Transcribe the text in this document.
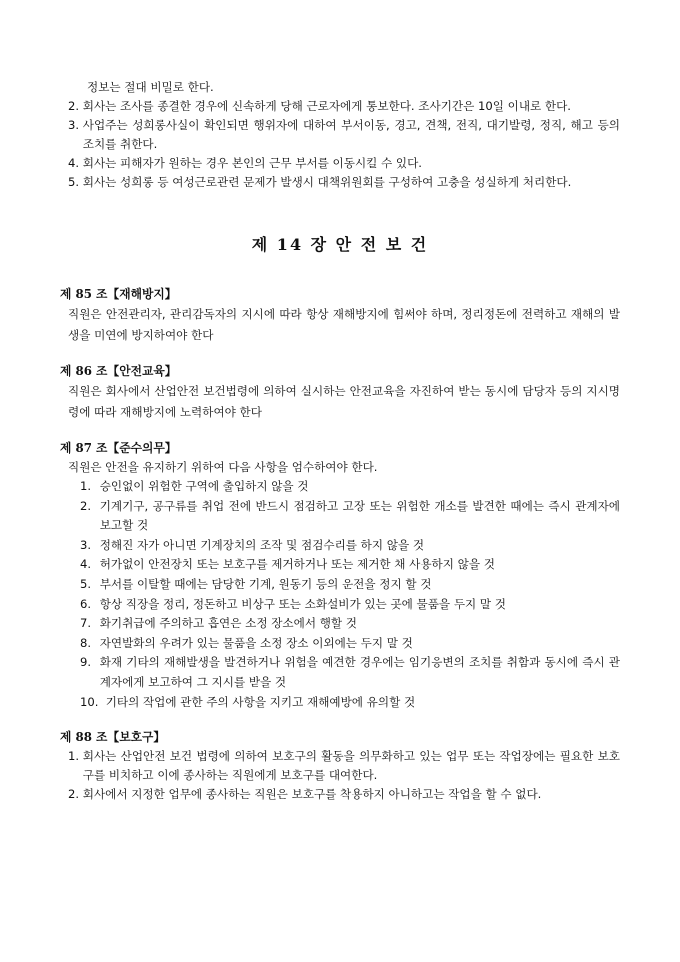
정보는 절대 비밀로 한다.
2.
회사는 조사를 종결한 경우에 신속하게 당해 근로자에게 통보한다. 조사기간은 10일 이내로 한다.
3.
사업주는 성희롱사실이 확인되면 행위자에 대하여 부서이동, 경고, 견책, 전직, 대기발령, 정직, 해고 등의 조치를 취한다.
4.
회사는 피해자가 원하는 경우 본인의 근무 부서를 이동시킬 수 있다.
5.
회사는 성희롱 등 여성근로관련 문제가 발생시 대책위원회를 구성하여 고충을 성실하게 처리한다.
제 14 장 안 전 보 건
제 85 조【재해방지】
직원은 안전관리자, 관리감독자의 지시에 따라 항상 재해방지에 힘써야 하며, 정리정돈에 전력하고 재해의 발생을 미연에 방지하여야 한다
제 86 조【안전교육】
직원은 회사에서 산업안전 보건법령에 의하여 실시하는 안전교육을 자진하여 받는 동시에 담당자 등의 지시명령에 따라 재해방지에 노력하여야 한다
제 87 조【준수의무】
직원은 안전을 유지하기 위하여 다음 사항을 엄수하여야 한다.
1.
승인없이 위험한 구역에 출입하지 않을 것
2.
기계기구, 공구류를 취업 전에 반드시 점검하고 고장 또는 위험한 개소를 발견한 때에는 즉시 관계자에 보고할 것
3.
정해진 자가 아니면 기계장치의 조작 및 점검수리를 하지 않을 것
4.
허가없이 안전장치 또는 보호구를 제거하거나 또는 제거한 채 사용하지 않을 것
5.
부서를 이탈할 때에는 담당한 기계, 원동기 등의 운전을 정지 할 것
6.
항상 직장을 정리, 정돈하고 비상구 또는 소화설비가 있는 곳에 물품을 두지 말 것
7.
화기취급에 주의하고 흡연은 소정 장소에서 행할 것
8.
자연발화의 우려가 있는 물품을 소정 장소 이외에는 두지 말 것
9.
화재 기타의 재해발생을 발견하거나 위험을 예견한 경우에는 임기응변의 조치를 취함과 동시에 즉시 관계자에게 보고하여 그 지시를 받을 것
10.
기타의 작업에 관한 주의 사항을 지키고 재해예방에 유의할 것
제 88 조【보호구】
1.
회사는 산업안전 보건 법령에 의하여 보호구의 활동을 의무화하고 있는 업무 또는 작업장에는 필요한 보호구를 비치하고 이에 종사하는 직원에게 보호구를 대여한다.
2.
회사에서 지정한 업무에 종사하는 직원은 보호구를 착용하지 아니하고는 작업을 할 수 없다.
